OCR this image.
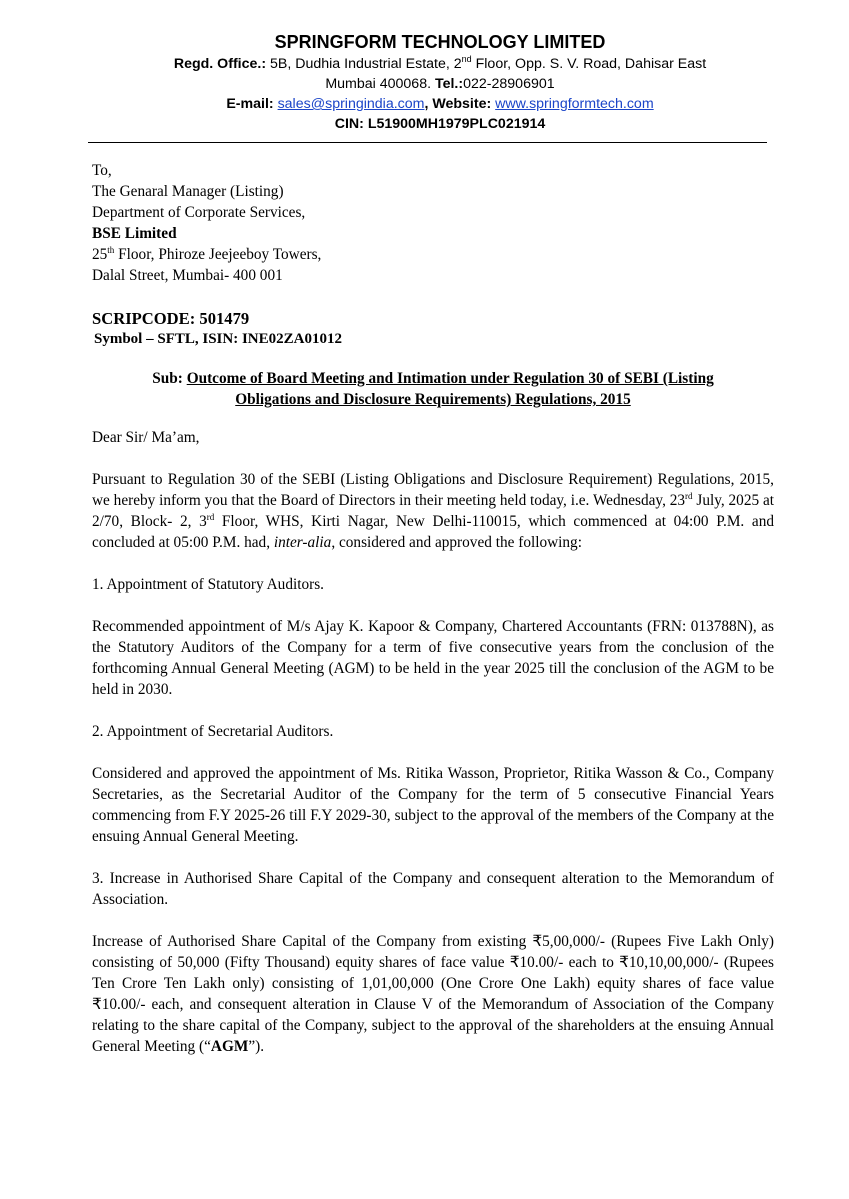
SPRINGFORM TECHNOLOGY LIMITED
Regd. Office.: 5B, Dudhia Industrial Estate, 2nd Floor, Opp. S. V. Road, Dahisar East
Mumbai 400068. Tel.:022-28906901
E-mail: sales@springindia.com, Website: www.springformtech.com
CIN: L51900MH1979PLC021914
To,
The Genaral Manager (Listing)
Department of Corporate Services,
BSE Limited
25th Floor, Phiroze Jeejeeboy Towers,
Dalal Street, Mumbai- 400 001
SCRIPCODE: 501479
Symbol – SFTL, ISIN: INE02ZA01012
Sub: Outcome of Board Meeting and Intimation under Regulation 30 of SEBI (Listing
Obligations and Disclosure Requirements) Regulations, 2015
Dear Sir/ Ma’am,
Pursuant to Regulation 30 of the SEBI (Listing Obligations and Disclosure Requirement) Regulations, 2015, we hereby inform you that the Board of Directors in their meeting held today, i.e. Wednesday, 23rd July, 2025 at 2/70, Block- 2, 3rd Floor, WHS, Kirti Nagar, New Delhi-110015, which commenced at 04:00 P.M. and concluded at 05:00 P.M. had, inter-alia, considered and approved the following:
1. Appointment of Statutory Auditors.
Recommended appointment of M/s Ajay K. Kapoor & Company, Chartered Accountants (FRN: 013788N), as the Statutory Auditors of the Company for a term of five consecutive years from the conclusion of the forthcoming Annual General Meeting (AGM) to be held in the year 2025 till the conclusion of the AGM to be held in 2030.
2. Appointment of Secretarial Auditors.
Considered and approved the appointment of Ms. Ritika Wasson, Proprietor, Ritika Wasson & Co., Company Secretaries, as the Secretarial Auditor of the Company for the term of 5 consecutive Financial Years commencing from F.Y 2025-26 till F.Y 2029-30, subject to the approval of the members of the Company at the ensuing Annual General Meeting.
3. Increase in Authorised Share Capital of the Company and consequent alteration to the Memorandum of Association.
Increase of Authorised Share Capital of the Company from existing ₹5,00,000/- (Rupees Five Lakh Only) consisting of 50,000 (Fifty Thousand) equity shares of face value ₹10.00/- each to ₹10,10,00,000/- (Rupees Ten Crore Ten Lakh only) consisting of 1,01,00,000 (One Crore One Lakh) equity shares of face value ₹10.00/- each, and consequent alteration in Clause V of the Memorandum of Association of the Company relating to the share capital of the Company, subject to the approval of the shareholders at the ensuing Annual General Meeting (“AGM”).
